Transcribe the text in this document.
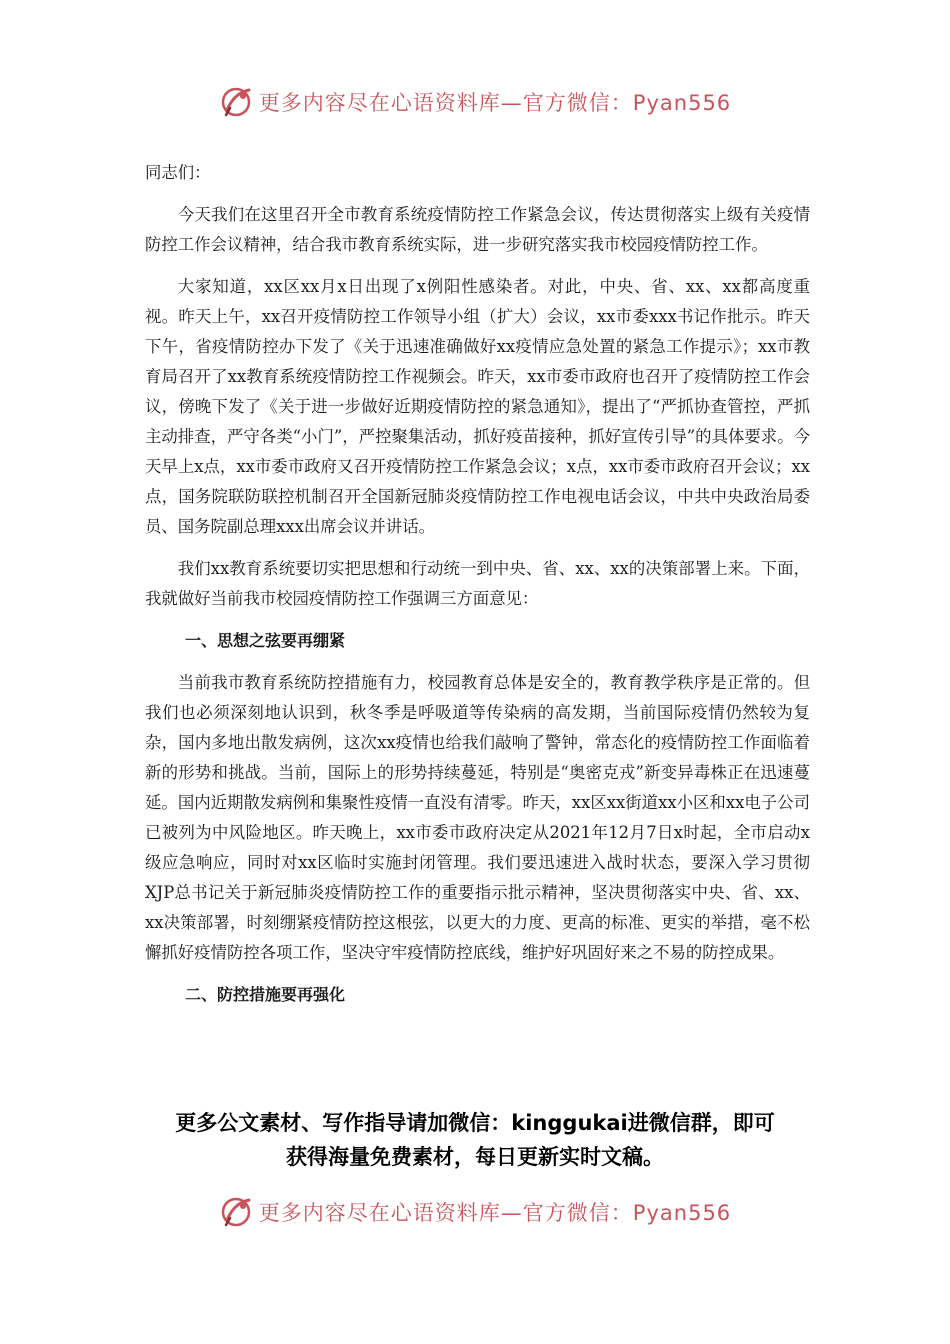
更多内容尽在心语资料库—官方微信：Pyan556

同志们：

今天我们在这里召开全市教育系统疫情防控工作紧急会议，传达贯彻落实上级有关疫情防控工作会议精神，结合我市教育系统实际，进一步研究落实我市校园疫情防控工作。

大家知道，xx区xx月x日出现了x例阳性感染者。对此，中央、省、xx、xx都高度重视。昨天上午，xx召开疫情防控工作领导小组（扩大）会议，xx市委xxx书记作批示。昨天下午，省疫情防控办下发了《关于迅速准确做好xx疫情应急处置的紧急工作提示》；xx市教育局召开了xx教育系统疫情防控工作视频会。昨天，xx市委市政府也召开了疫情防控工作会议，傍晚下发了《关于进一步做好近期疫情防控的紧急通知》，提出了“严抓协查管控，严抓主动排查，严守各类“小门”，严控聚集活动，抓好疫苗接种，抓好宣传引导”的具体要求。今天早上x点，xx市委市政府又召开疫情防控工作紧急会议；x点，xx市委市政府召开会议；xx点，国务院联防联控机制召开全国新冠肺炎疫情防控工作电视电话会议，中共中央政治局委员、国务院副总理xxx出席会议并讲话。

我们xx教育系统要切实把思想和行动统一到中央、省、xx、xx的决策部署上来。下面，我就做好当前我市校园疫情防控工作强调三方面意见：

一、思想之弦要再绷紧

当前我市教育系统防控措施有力，校园教育总体是安全的，教育教学秩序是正常的。但我们也必须深刻地认识到，秋冬季是呼吸道等传染病的高发期，当前国际疫情仍然较为复杂，国内多地出散发病例，这次xx疫情也给我们敲响了警钟，常态化的疫情防控工作面临着新的形势和挑战。当前，国际上的形势持续蔓延，特别是“奥密克戎”新变异毒株正在迅速蔓延。国内近期散发病例和集聚性疫情一直没有清零。昨天，xx区xx街道xx小区和xx电子公司已被列为中风险地区。昨天晚上，xx市委市政府决定从2021年12月7日x时起，全市启动x级应急响应，同时对xx区临时实施封闭管理。我们要迅速进入战时状态，要深入学习贯彻XJP总书记关于新冠肺炎疫情防控工作的重要指示批示精神，坚决贯彻落实中央、省、xx、xx决策部署，时刻绷紧疫情防控这根弦，以更大的力度、更高的标准、更实的举措，毫不松懈抓好疫情防控各项工作，坚决守牢疫情防控底线，维护好巩固好来之不易的防控成果。

二、防控措施要再强化

更多公文素材、写作指导请加微信：kinggukai进微信群，即可
获得海量免费素材，每日更新实时文稿。
更多内容尽在心语资料库—官方微信：Pyan556
